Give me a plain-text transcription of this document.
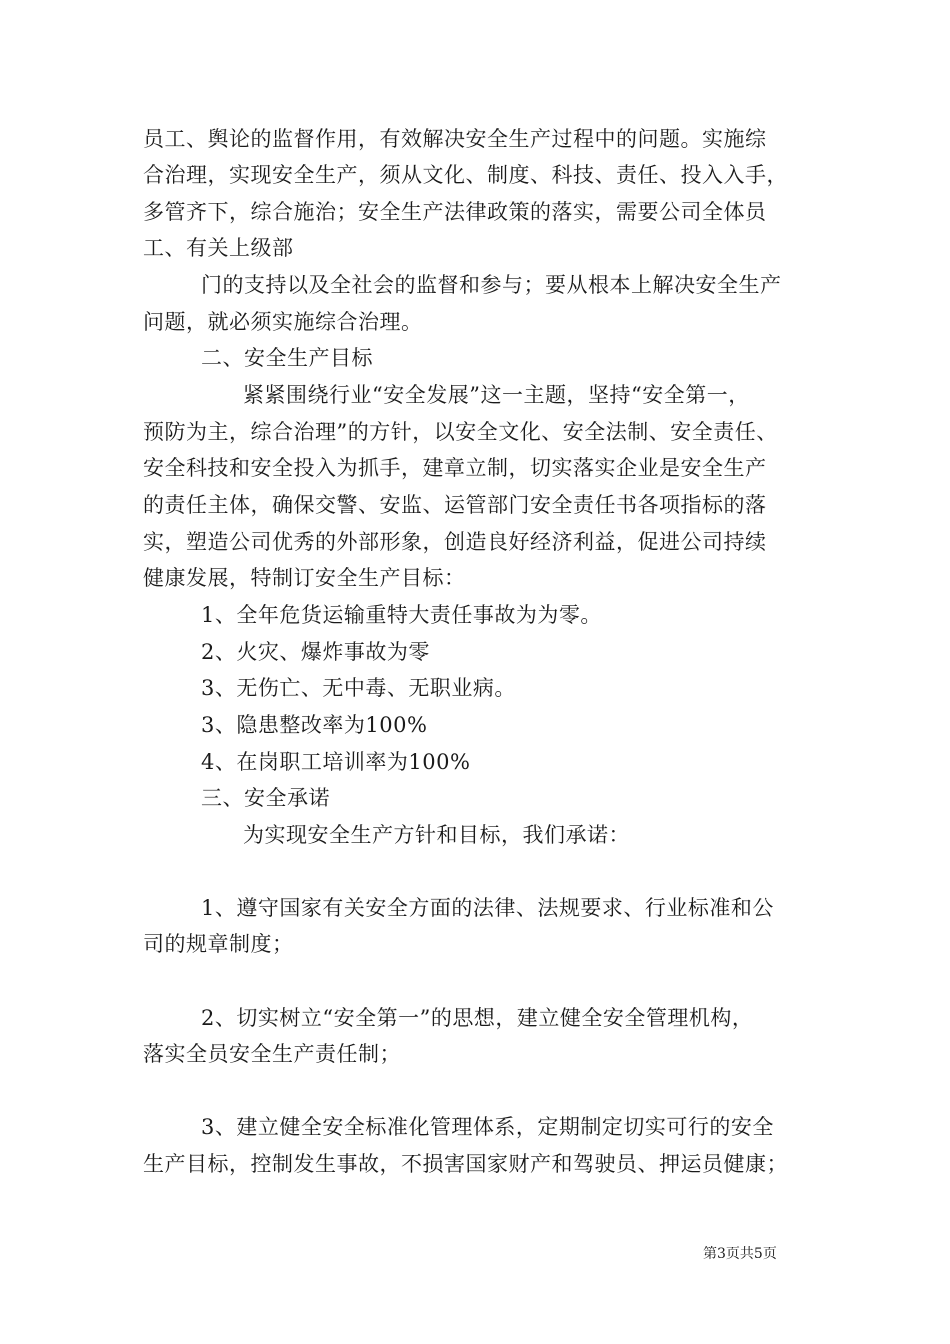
员工、舆论的监督作用，有效解决安全生产过程中的问题。实施综
合治理，实现安全生产，须从文化、制度、科技、责任、投入入手，
多管齐下，综合施治；安全生产法律政策的落实，需要公司全体员
工、有关上级部
门的支持以及全社会的监督和参与；要从根本上解决安全生产
问题，就必须实施综合治理。
二、安全生产目标
紧紧围绕行业“安全发展”这一主题，坚持“安全第一，
预防为主，综合治理”的方针，以安全文化、安全法制、安全责任、
安全科技和安全投入为抓手，建章立制，切实落实企业是安全生产
的责任主体，确保交警、安监、运管部门安全责任书各项指标的落
实，塑造公司优秀的外部形象，创造良好经济利益，促进公司持续
健康发展，特制订安全生产目标：
1、全年危货运输重特大责任事故为为零。
2、火灾、爆炸事故为零
3、无伤亡、无中毒、无职业病。
3、隐患整改率为100%
4、在岗职工培训率为100%
三、安全承诺
为实现安全生产方针和目标，我们承诺：
1、遵守国家有关安全方面的法律、法规要求、行业标准和公
司的规章制度；
2、切实树立“安全第一”的思想，建立健全安全管理机构，
落实全员安全生产责任制；
3、建立健全安全标准化管理体系，定期制定切实可行的安全
生产目标，控制发生事故，不损害国家财产和驾驶员、押运员健康；
第3页共5页
